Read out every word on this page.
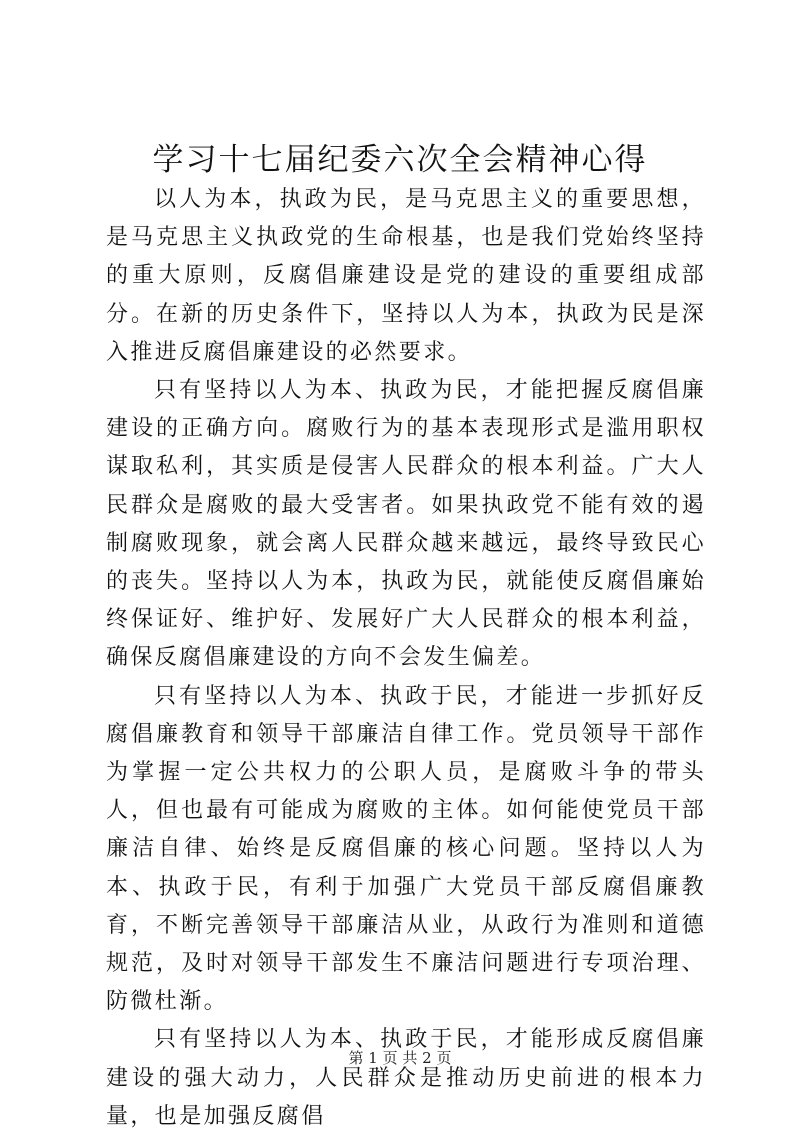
学习十七届纪委六次全会精神心得

以人为本，执政为民，是马克思主义的重要思想，是马克思主义执政党的生命根基，也是我们党始终坚持的重大原则，反腐倡廉建设是党的建设的重要组成部分。在新的历史条件下，坚持以人为本，执政为民是深入推进反腐倡廉建设的必然要求。

只有坚持以人为本、执政为民，才能把握反腐倡廉建设的正确方向。腐败行为的基本表现形式是滥用职权谋取私利，其实质是侵害人民群众的根本利益。广大人民群众是腐败的最大受害者。如果执政党不能有效的遏制腐败现象，就会离人民群众越来越远，最终导致民心的丧失。坚持以人为本，执政为民，就能使反腐倡廉始终保证好、维护好、发展好广大人民群众的根本利益，确保反腐倡廉建设的方向不会发生偏差。

只有坚持以人为本、执政于民，才能进一步抓好反腐倡廉教育和领导干部廉洁自律工作。党员领导干部作为掌握一定公共权力的公职人员，是腐败斗争的带头人，但也最有可能成为腐败的主体。如何能使党员干部廉洁自律、始终是反腐倡廉的核心问题。坚持以人为本、执政于民，有利于加强广大党员干部反腐倡廉教育，不断完善领导干部廉洁从业，从政行为准则和道德规范，及时对领导干部发生不廉洁问题进行专项治理、防微杜渐。

只有坚持以人为本、执政于民，才能形成反腐倡廉建设的强大动力，人民群众是推动历史前进的根本力量，也是加强反腐倡

第 1 页 共 2 页
